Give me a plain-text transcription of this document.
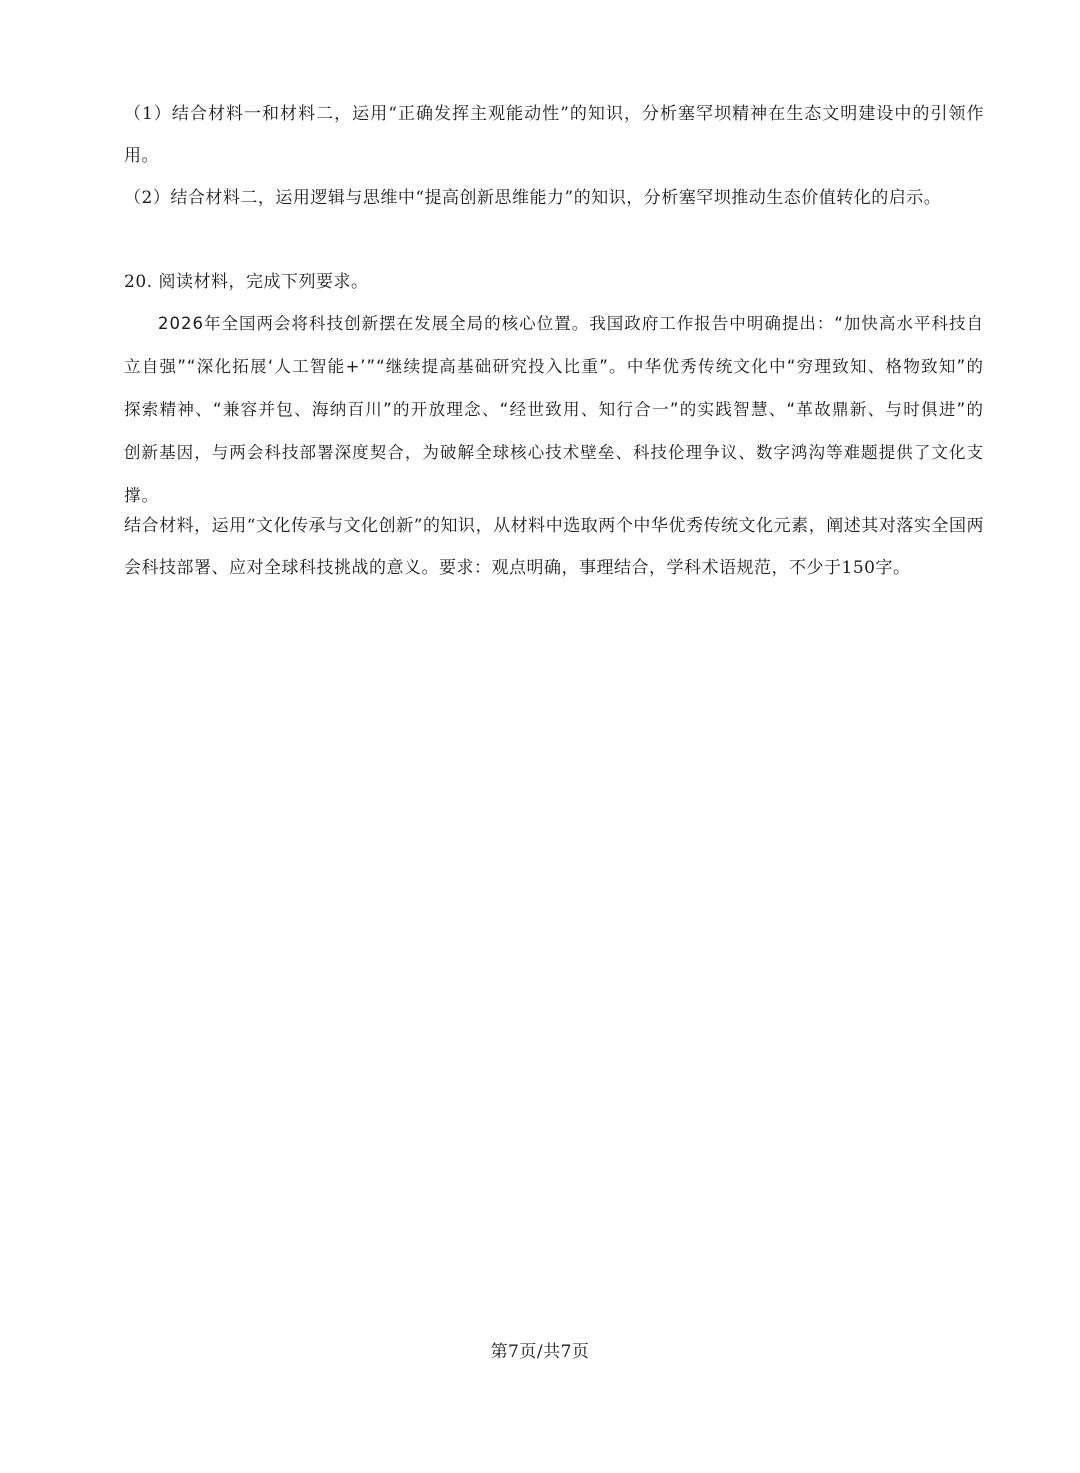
（1）结合材料一和材料二，运用“正确发挥主观能动性”的知识，分析塞罕坝精神在生态文明建设中的引领作用。

（2）结合材料二，运用逻辑与思维中“提高创新思维能力”的知识，分析塞罕坝推动生态价值转化的启示。

20. 阅读材料，完成下列要求。

2026年全国两会将科技创新摆在发展全局的核心位置。我国政府工作报告中明确提出：“加快高水平科技自立自强”“深化拓展‘人工智能+’”“继续提高基础研究投入比重”。中华优秀传统文化中“穷理致知、格物致知”的探索精神、“兼容并包、海纳百川”的开放理念、“经世致用、知行合一”的实践智慧、“革故鼎新、与时俱进”的创新基因，与两会科技部署深度契合，为破解全球核心技术壁垒、科技伦理争议、数字鸿沟等难题提供了文化支撑。

结合材料，运用“文化传承与文化创新”的知识，从材料中选取两个中华优秀传统文化元素，阐述其对落实全国两会科技部署、应对全球科技挑战的意义。要求：观点明确，事理结合，学科术语规范，不少于150字。

第7页/共7页
